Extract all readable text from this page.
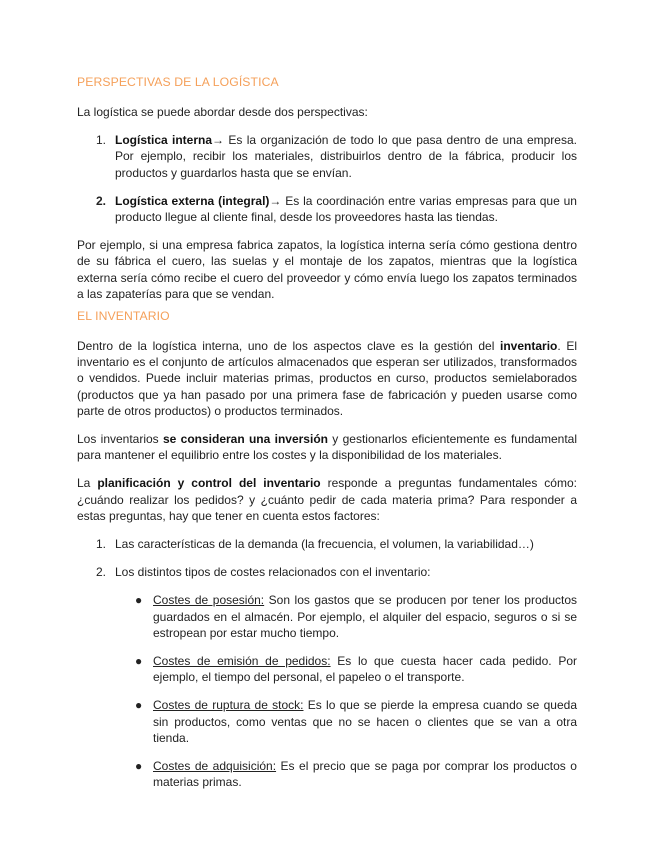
PERSPECTIVAS DE LA LOGÍSTICA

La logística se puede abordar desde dos perspectivas:

1. Logística interna→ Es la organización de todo lo que pasa dentro de una empresa. Por ejemplo, recibir los materiales, distribuirlos dentro de la fábrica, producir los productos y guardarlos hasta que se envían.
2. Logística externa (integral)→ Es la coordinación entre varias empresas para que un producto llegue al cliente final, desde los proveedores hasta las tiendas.

Por ejemplo, si una empresa fabrica zapatos, la logística interna sería cómo gestiona dentro de su fábrica el cuero, las suelas y el montaje de los zapatos, mientras que la logística externa sería cómo recibe el cuero del proveedor y cómo envía luego los zapatos terminados a las zapaterías para que se vendan.

EL INVENTARIO

Dentro de la logística interna, uno de los aspectos clave es la gestión del inventario. El inventario es el conjunto de artículos almacenados que esperan ser utilizados, transformados o vendidos. Puede incluir materias primas, productos en curso, productos semielaborados (productos que ya han pasado por una primera fase de fabricación y pueden usarse como parte de otros productos) o productos terminados.

Los inventarios se consideran una inversión y gestionarlos eficientemente es fundamental para mantener el equilibrio entre los costes y la disponibilidad de los materiales.

La planificación y control del inventario responde a preguntas fundamentales cómo: ¿cuándo realizar los pedidos? y ¿cuánto pedir de cada materia prima? Para responder a estas preguntas, hay que tener en cuenta estos factores:

1. Las características de la demanda (la frecuencia, el volumen, la variabilidad…)
2. Los distintos tipos de costes relacionados con el inventario:
● Costes de posesión: Son los gastos que se producen por tener los productos guardados en el almacén. Por ejemplo, el alquiler del espacio, seguros o si se estropean por estar mucho tiempo.
● Costes de emisión de pedidos: Es lo que cuesta hacer cada pedido. Por ejemplo, el tiempo del personal, el papeleo o el transporte.
● Costes de ruptura de stock: Es lo que se pierde la empresa cuando se queda sin productos, como ventas que no se hacen o clientes que se van a otra tienda.
● Costes de adquisición: Es el precio que se paga por comprar los productos o materias primas.
